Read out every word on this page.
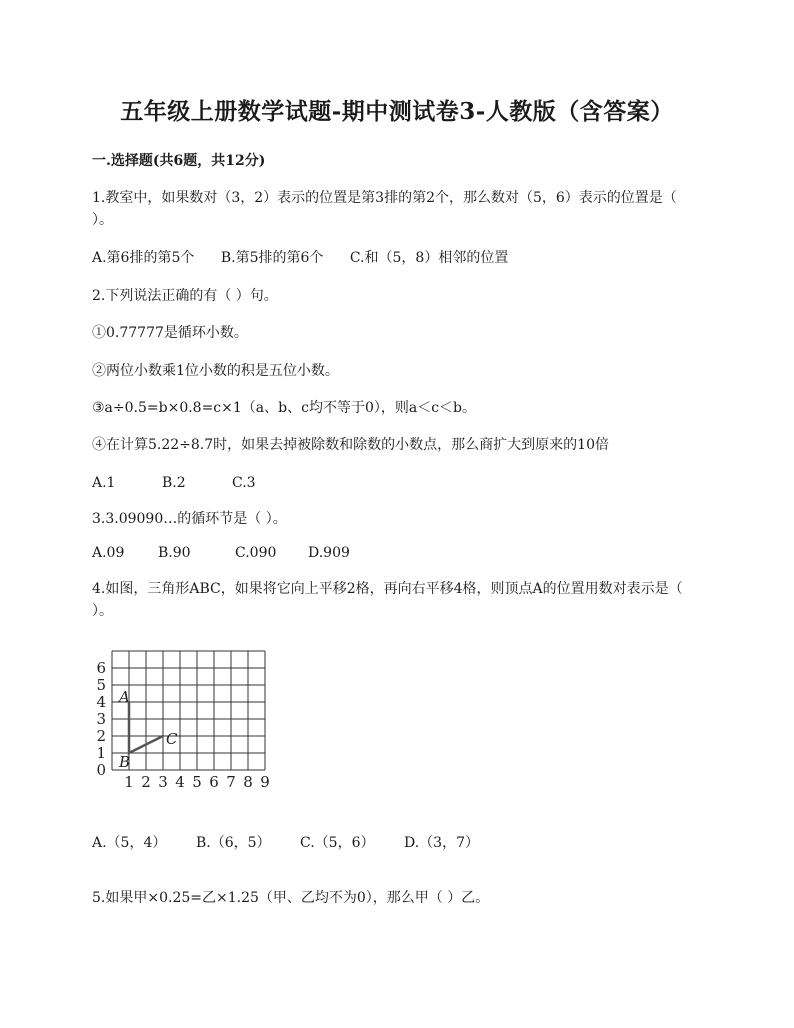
五年级上册数学试题-期中测试卷3-人教版（含答案）
一.选择题(共6题，共12分)
1.教室中，如果数对（3，2）表示的位置是第3排的第2个，那么数对（5，6）表示的位置是（ ）。
A.第6排的第5个 B.第5排的第6个 C.和（5，8）相邻的位置
2.下列说法正确的有（ ）句。
①0.77777是循环小数。
②两位小数乘1位小数的积是五位小数。
③a÷0.5=b×0.8=c×1（a、b、c均不等于0），则a＜c＜b。
④在计算5.22÷8.7时，如果去掉被除数和除数的小数点，那么商扩大到原来的10倍
A.1	B.2	C.3
3.3.09090…的循环节是（ ）。
A.09 B.90	C.090 D.909
4.如图，三角形ABC，如果将它向上平移2格，再向右平移4格，则顶点A的位置用数对表示是（ ）。
1 2 3 4 5 6 7 8 9
0
1
2
3
4
5
6
A
B
C
A.（5，4） B.（6，5） C.（5，6） D.（3，7）
5.如果甲×0.25=乙×1.25（甲、乙均不为0），那么甲（ ）乙。
